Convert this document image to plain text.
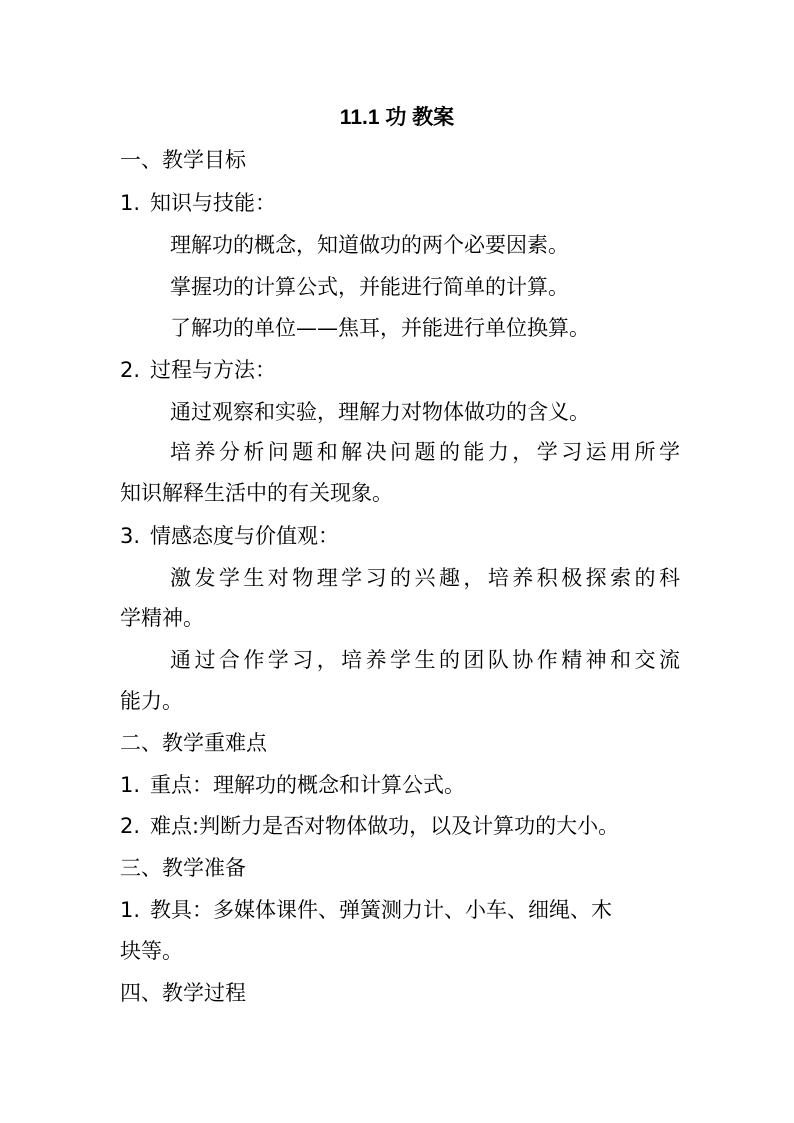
11.1 功 教案
一、教学目标
1. 知识与技能：
理解功的概念，知道做功的两个必要因素。
掌握功的计算公式，并能进行简单的计算。
了解功的单位——焦耳，并能进行单位换算。
2. 过程与方法：
通过观察和实验，理解力对物体做功的含义。
培养分析问题和解决问题的能力，学习运用所学
知识解释生活中的有关现象。
3. 情感态度与价值观：
激发学生对物理学习的兴趣，培养积极探索的科
学精神。
通过合作学习，培养学生的团队协作精神和交流
能力。
二、教学重难点
1. 重点：理解功的概念和计算公式。
2. 难点:判断力是否对物体做功，以及计算功的大小。
三、教学准备
1. 教具：多媒体课件、弹簧测力计、小车、细绳、木
块等。
四、教学过程
